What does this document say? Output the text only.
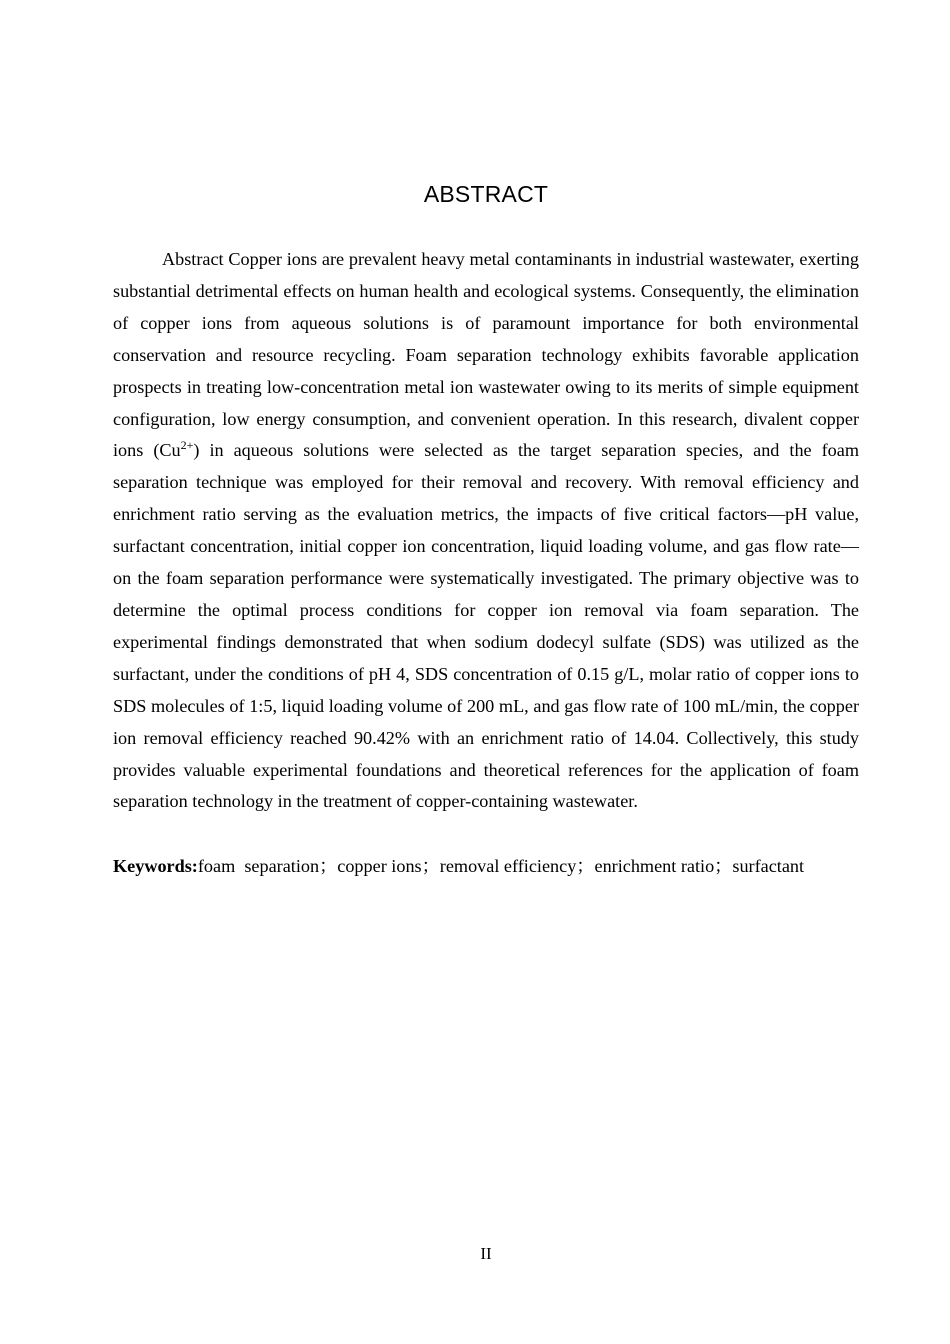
ABSTRACT

Abstract Copper ions are prevalent heavy metal contaminants in industrial wastewater, exerting substantial detrimental effects on human health and ecological systems. Consequently, the elimination of copper ions from aqueous solutions is of paramount importance for both environmental conservation and resource recycling. Foam separation technology exhibits favorable application prospects in treating low-concentration metal ion wastewater owing to its merits of simple equipment configuration, low energy consumption, and convenient operation. In this research, divalent copper ions $(Cu^{2+})$ in aqueous solutions were selected as the target separation species, and the foam separation technique was employed for their removal and recovery. With removal efficiency and enrichment ratio serving as the evaluation metrics, the impacts of five critical factors—pH value, surfactant concentration, initial copper ion concentration, liquid loading volume, and gas flow rate—on the foam separation performance were systematically investigated. The primary objective was to determine the optimal process conditions for copper ion removal via foam separation. The experimental findings demonstrated that when sodium dodecyl sulfate (SDS) was utilized as the surfactant, under the conditions of pH 4, SDS concentration of 0.15 g/L, molar ratio of copper ions to SDS molecules of 1:5, liquid loading volume of 200 mL, and gas flow rate of 100 mL/min, the copper ion removal efficiency reached 90.42% with an enrichment ratio of 14.04. Collectively, this study provides valuable experimental foundations and theoretical references for the application of foam separation technology in the treatment of copper-containing wastewater.

Keywords:foam  separation；copper ions；removal efficiency；enrichment ratio；surfactant

II
